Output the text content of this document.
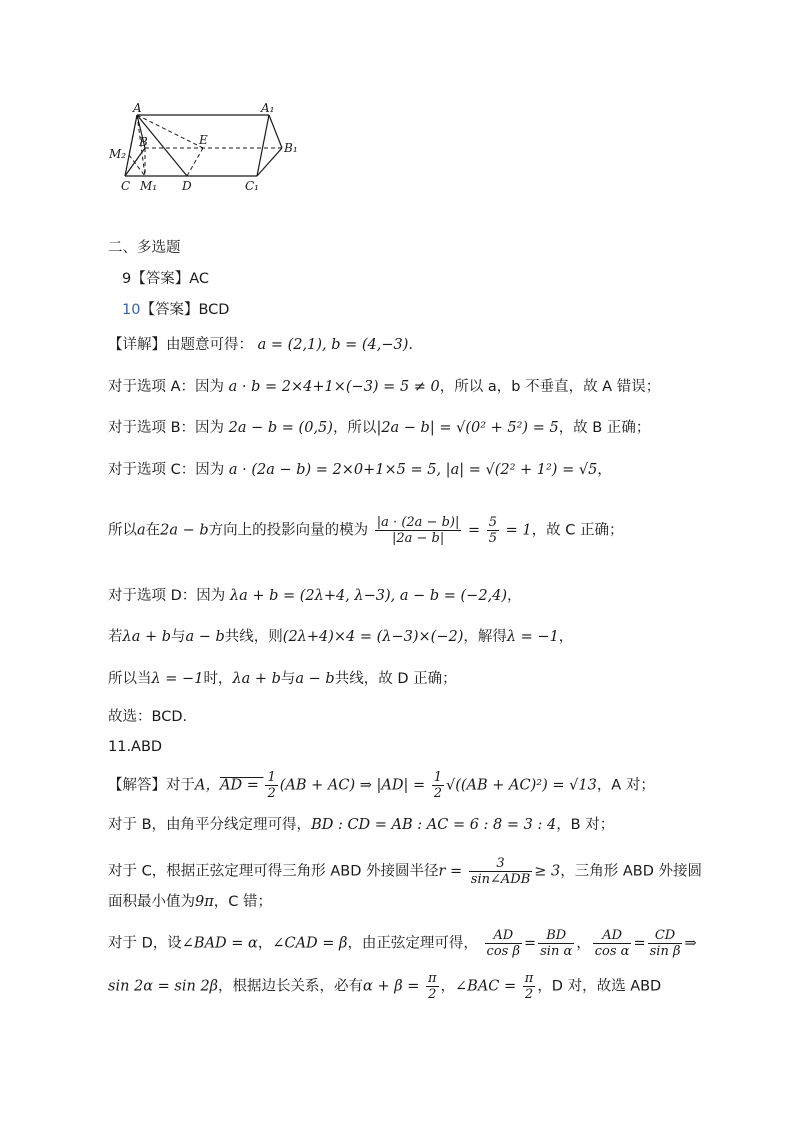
A	A₁
B	B₁
C	C₁
D
E
M₁
M₂
二、多选题
9【答案】AC
10【答案】BCD
【详解】由题意可得： a = (2,1), b = (4,−3).
对于选项 A：因为 a · b = 2×4+1×(−3) = 5 ≠ 0，所以 a，b 不垂直，故 A 错误；
对于选项 B：因为 2a − b = (0,5)，所以|2a − b| = √(0² + 5²) = 5，故 B 正确；
对于选项 C：因为 a · (2a − b) = 2×0+1×5 = 5, |a| = √(2² + 1²) = √5，
所以a在2a − b方向上的投影向量的模为 $\frac{|a \cdot (2a - b)|}{|2a - b|} = \frac{5}{5} = 1$，故 C 正确；
对于选项 D：因为 λa + b = (2λ+4, λ−3), a − b = (−2,4)，
若λa + b与a − b共线，则(2λ+4)×4 = (λ−3)×(−2)，解得λ = −1，
所以当λ = −1时，λa + b与a − b共线，故 D 正确；
故选：BCD.
11.ABD
【解答】对于A，AD = $\frac{1}{2} (AB + AC)$ ⇒ $|AD| = \frac{1}{2} √((AB + AC)^2) = √13$，A 对；
对于 B，由角平分线定理可得，BD : CD = AB : AC = 6 : 8 = 3 : 4，B 对；
对于 C，根据正弦定理可得三角形 ABD 外接圆半径$r = \frac{3}{\text{sin∠ADB}} \ge 3$，三角形 ABD 外接圆
面积最小值为9π，C 错；
对于 D，设∠BAD = α，∠CAD = β，由正弦定理可得， $\frac{AD}{\text{cos β}} = \frac{BD}{\text{sin α}}$ ， $\frac{AD}{\text{cos α}} = \frac{CD}{\text{sin β}}$ ⇒
sin 2α = sin 2β，根据边长关系，必有$\alpha + \beta = \frac{\pi}{2}$ ，∠BAC = $\frac{\pi}{2}$ ，D 对，故选 ABD
